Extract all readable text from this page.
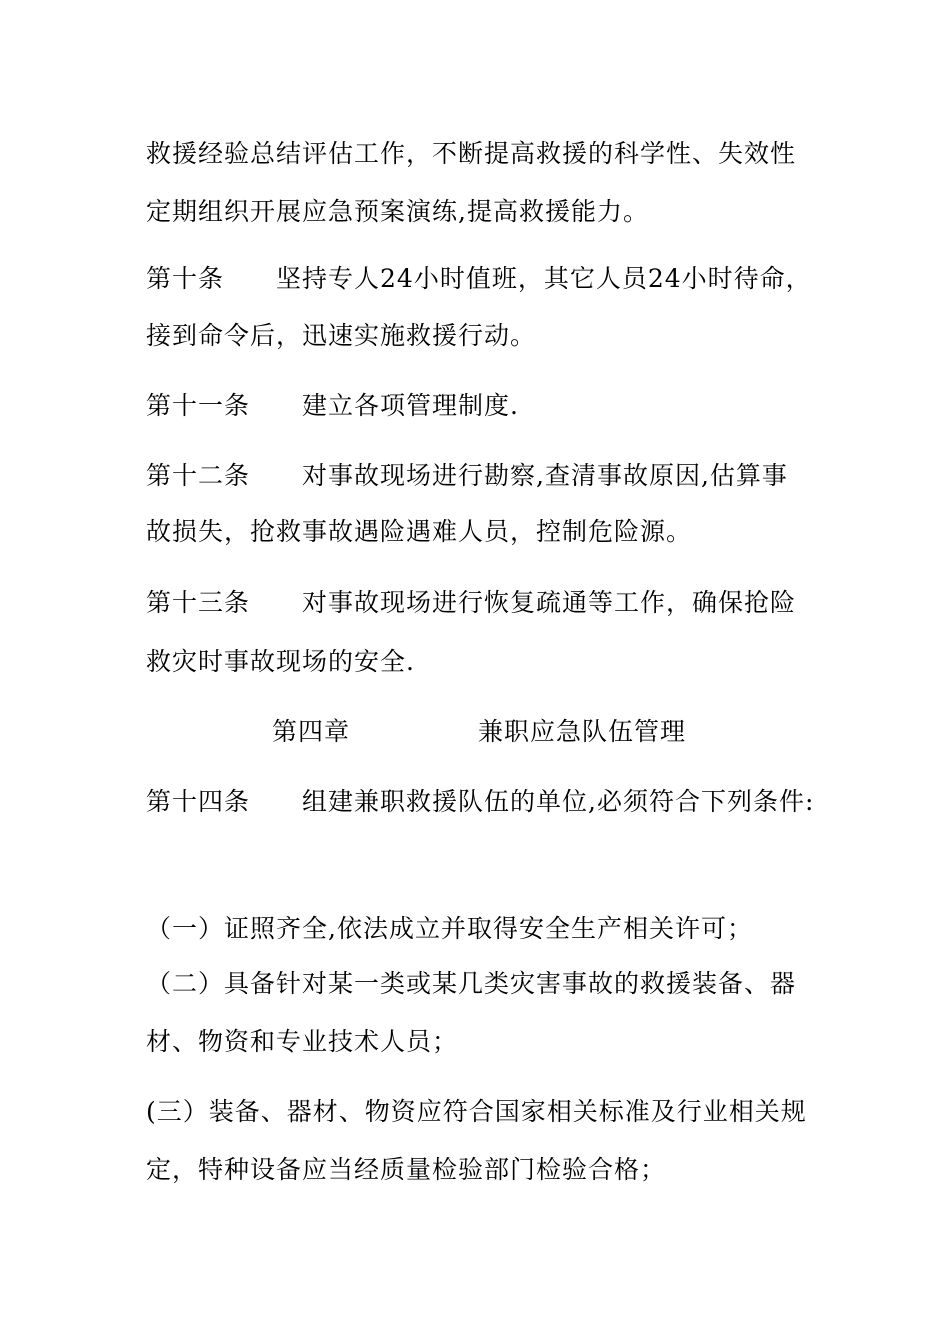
救援经验总结评估工作，不断提高救援的科学性、失效性
定期组织开展应急预案演练,提高救援能力。
第十条 坚持专人24小时值班，其它人员24小时待命，
接到命令后，迅速实施救援行动。
第十一条 建立各项管理制度.
第十二条 对事故现场进行勘察,查清事故原因,估算事
故损失，抢救事故遇险遇难人员，控制危险源。
第十三条 对事故现场进行恢复疏通等工作，确保抢险
救灾时事故现场的安全.
第四章	兼职应急队伍管理
第十四条 组建兼职救援队伍的单位,必须符合下列条件:
（一）证照齐全,依法成立并取得安全生产相关许可；
（二）具备针对某一类或某几类灾害事故的救援装备、器
材、物资和专业技术人员；
(三）装备、器材、物资应符合国家相关标准及行业相关规
定，特种设备应当经质量检验部门检验合格；
